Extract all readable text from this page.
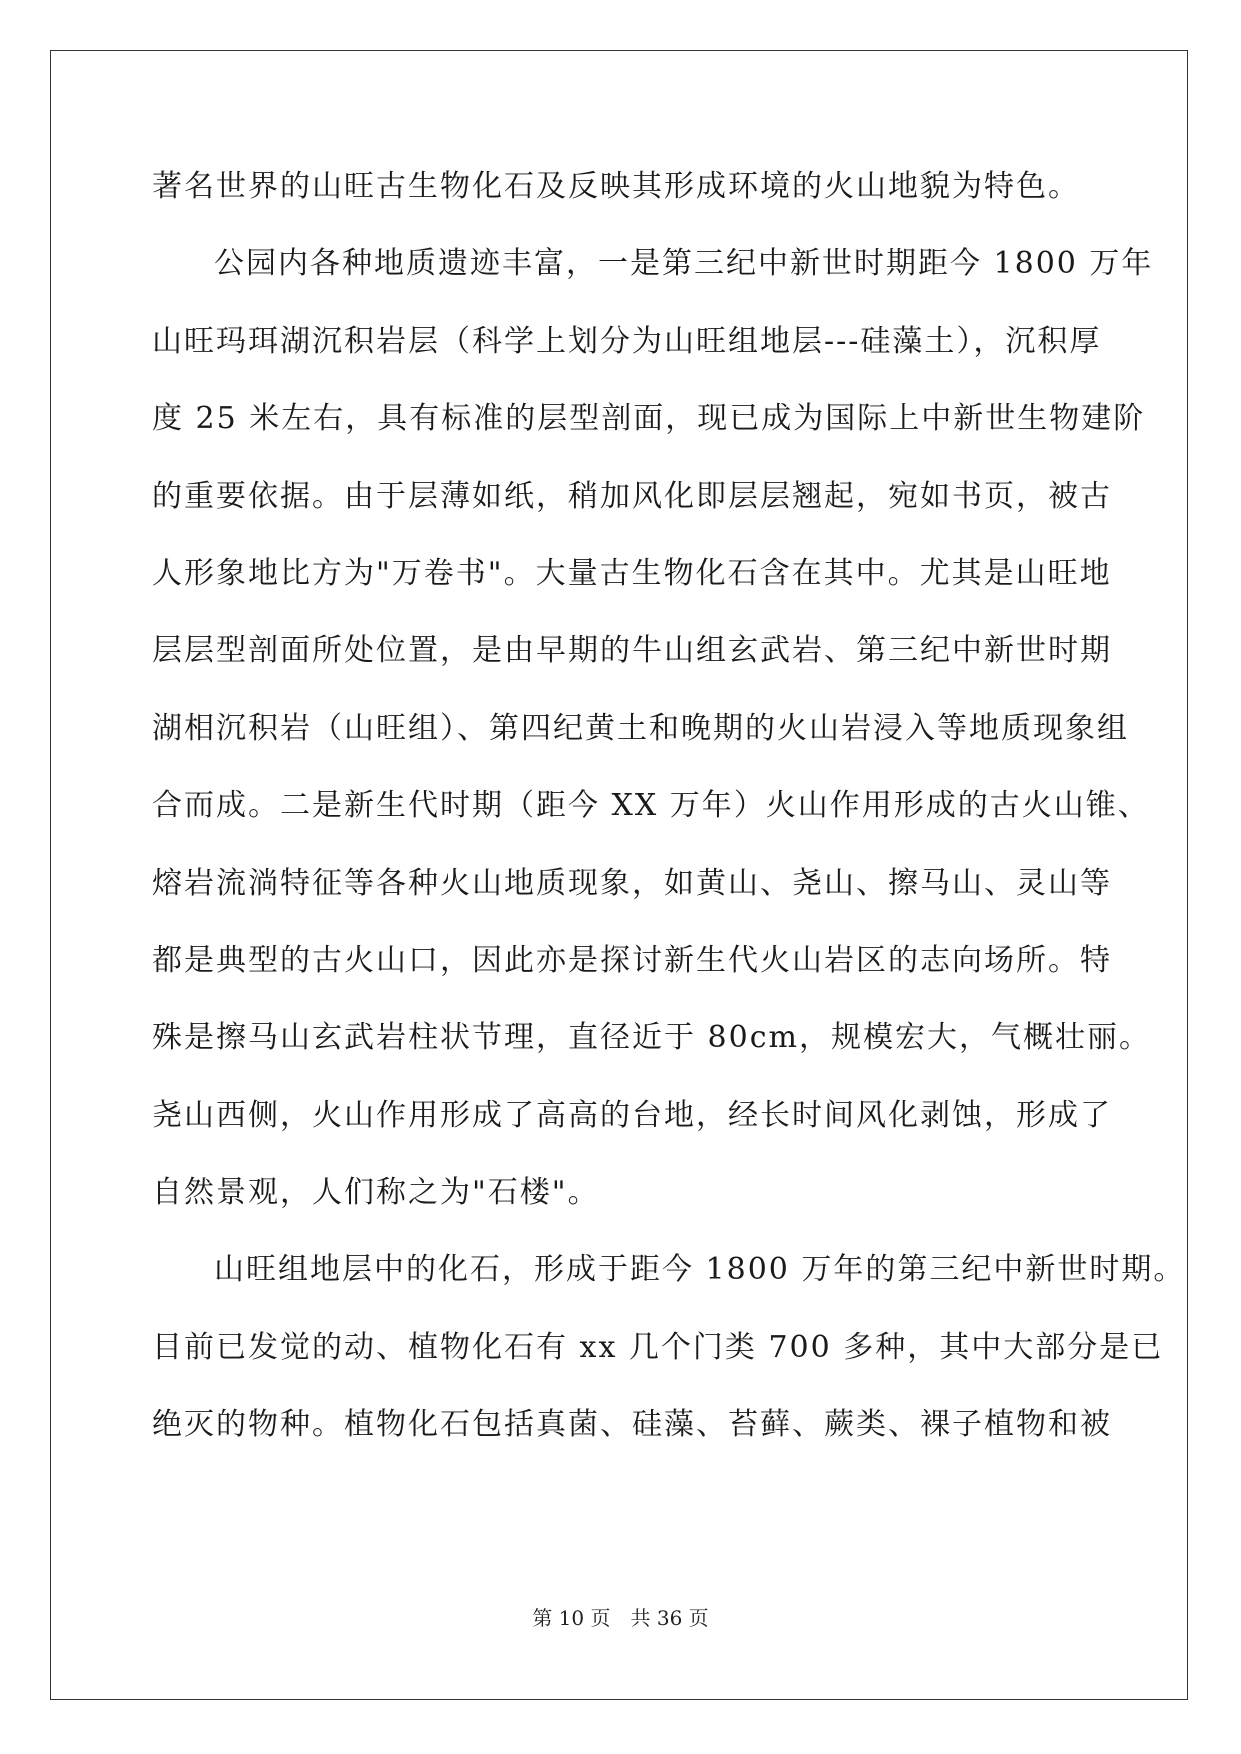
著名世界的山旺古生物化石及反映其形成环境的火山地貌为特色。
公园内各种地质遗迹丰富，一是第三纪中新世时期距今 1800 万年
山旺玛珥湖沉积岩层（科学上划分为山旺组地层---硅藻土），沉积厚
度 25 米左右，具有标准的层型剖面，现已成为国际上中新世生物建阶
的重要依据。由于层薄如纸，稍加风化即层层翘起，宛如书页，被古
人形象地比方为"万卷书"。大量古生物化石含在其中。尤其是山旺地
层层型剖面所处位置，是由早期的牛山组玄武岩、第三纪中新世时期
湖相沉积岩（山旺组）、第四纪黄土和晚期的火山岩浸入等地质现象组
合而成。二是新生代时期（距今 XX 万年）火山作用形成的古火山锥、
熔岩流淌特征等各种火山地质现象，如黄山、尧山、擦马山、灵山等
都是典型的古火山口，因此亦是探讨新生代火山岩区的志向场所。特
殊是擦马山玄武岩柱状节理，直径近于 80cm，规模宏大，气概壮丽。
尧山西侧，火山作用形成了高高的台地，经长时间风化剥蚀，形成了
自然景观，人们称之为"石楼"。
山旺组地层中的化石，形成于距今 1800 万年的第三纪中新世时期。
目前已发觉的动、植物化石有 xx 几个门类 700 多种，其中大部分是已
绝灭的物种。植物化石包括真菌、硅藻、苔藓、蕨类、裸子植物和被
第 10 页　共 36 页
